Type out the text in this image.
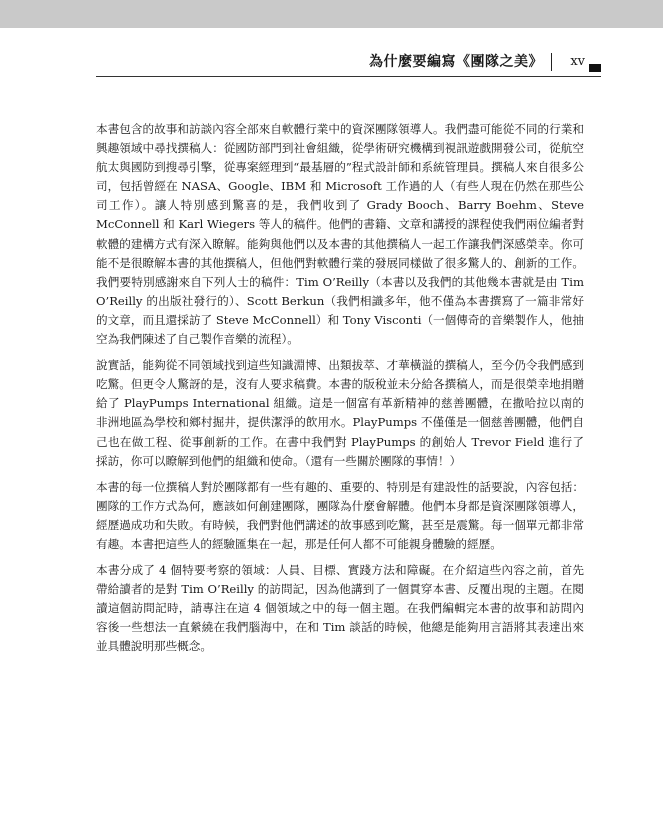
為什麼要編寫《團隊之美》 xv

本書包含的故事和訪談內容全部來自軟體行業中的資深團隊領導人。我們盡可能從不同的行業和興趣領域中尋找撰稿人：從國防部門到社會組織，從學術研究機構到視訊遊戲開發公司，從航空航太與國防到搜尋引擎，從專案經理到“最基層的”程式設計師和系統管理員。撰稿人來自很多公司，包括曾經在 NASA、Google、IBM 和 Microsoft 工作過的人（有些人現在仍然在那些公司工作）。讓人特別感到驚喜的是，我們收到了 Grady Booch、Barry Boehm、Steve McConnell 和 Karl Wiegers 等人的稿件。他們的書籍、文章和講授的課程使我們兩位編者對軟體的建構方式有深入瞭解。能夠與他們以及本書的其他撰稿人一起工作讓我們深感榮幸。你可能不是很瞭解本書的其他撰稿人，但他們對軟體行業的發展同樣做了很多驚人的、創新的工作。我們要特別感謝來自下列人士的稿件：Tim O’Reilly（本書以及我們的其他幾本書就是由 Tim O’Reilly 的出版社發行的）、Scott Berkun（我們相識多年，他不僅為本書撰寫了一篇非常好的文章，而且還採訪了 Steve McConnell）和 Tony Visconti（一個傳奇的音樂製作人，他抽空為我們陳述了自己製作音樂的流程）。

說實話，能夠從不同領域找到這些知識淵博、出類拔萃、才華橫溢的撰稿人，至今仍令我們感到吃驚。但更令人驚訝的是，沒有人要求稿費。本書的版稅並未分給各撰稿人，而是很榮幸地捐贈給了 PlayPumps International 組織。這是一個富有革新精神的慈善團體，在撒哈拉以南的非洲地區為學校和鄉村掘井，提供潔淨的飲用水。PlayPumps 不僅僅是一個慈善團體，他們自己也在做工程、從事創新的工作。在書中我們對 PlayPumps 的創始人 Trevor Field 進行了採訪，你可以瞭解到他們的組織和使命。（還有一些關於團隊的事情！）

本書的每一位撰稿人對於團隊都有一些有趣的、重要的、特別是有建設性的話要說，內容包括：團隊的工作方式為何，應該如何創建團隊，團隊為什麼會解體。他們本身都是資深團隊領導人，經歷過成功和失敗。有時候，我們對他們講述的故事感到吃驚，甚至是震驚。每一個單元都非常有趣。本書把這些人的經驗匯集在一起，那是任何人都不可能親身體驗的經歷。

本書分成了 4 個特要考察的領域：人員、目標、實踐方法和障礙。在介紹這些內容之前，首先帶給讀者的是對 Tim O’Reilly 的訪問記，因為他講到了一個貫穿本書、反覆出現的主題。在閱讀這個訪問記時，請專注在這 4 個領域之中的每一個主題。在我們編輯完本書的故事和訪問內容後一些想法一直縈繞在我們腦海中，在和 Tim 談話的時候，他總是能夠用言語將其表達出來並具體說明那些概念。
